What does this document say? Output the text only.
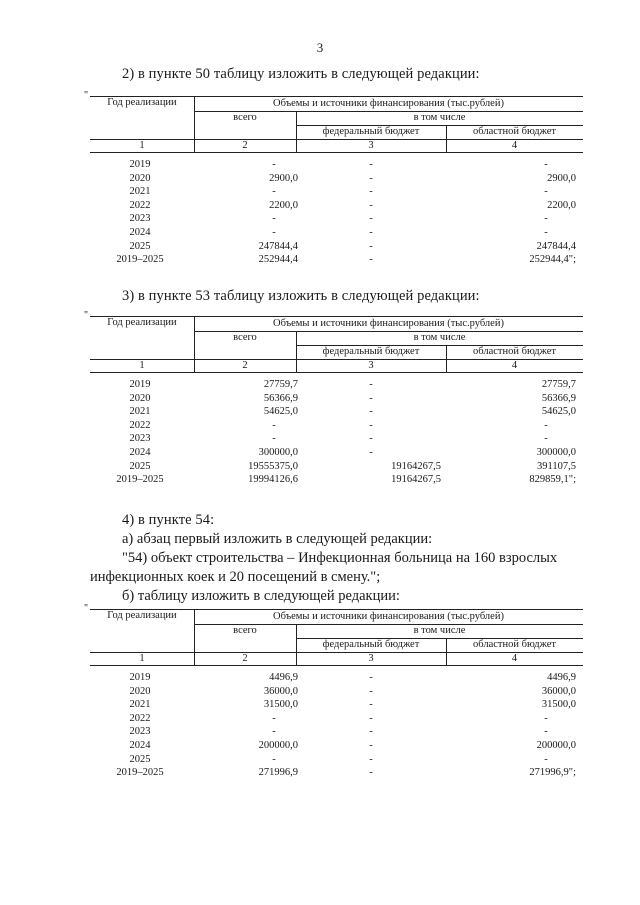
3
2) в пункте 50 таблицу изложить в следующей редакции:
"
Год реализации	Объемы и источники финансирования (тыс.рублей)
всего	в том числе
федеральный бюджет	областной бюджет
1	2	3	4
2019	-	-	-
2020	2900,0	-	2900,0
2021	-	-	-
2022	2200,0	-	2200,0
2023	-	-	-
2024	-	-	-
2025	247844,4	-	247844,4
2019–2025	252944,4	-	252944,4";
3) в пункте 53 таблицу изложить в следующей редакции:
"
Год реализации	Объемы и источники финансирования (тыс.рублей)
всего	в том числе
федеральный бюджет	областной бюджет
1	2	3	4
2019	27759,7	-	27759,7
2020	56366,9	-	56366,9
2021	54625,0	-	54625,0
2022	-	-	-
2023	-	-	-
2024	300000,0	-	300000,0
2025	19555375,0	19164267,5	391107,5
2019–2025	19994126,6	19164267,5	829859,1";
4) в пункте 54:
а) абзац первый изложить в следующей редакции:
"54) объект строительства – Инфекционная больница на 160 взрослых инфекционных коек и 20 посещений в смену.";
б) таблицу изложить в следующей редакции:
"
Год реализации	Объемы и источники финансирования (тыс.рублей)
всего	в том числе
федеральный бюджет	областной бюджет
1	2	3	4
2019	4496,9	-	4496,9
2020	36000,0	-	36000,0
2021	31500,0	-	31500,0
2022	-	-	-
2023	-	-	-
2024	200000,0	-	200000,0
2025	-	-	-
2019–2025	271996,9	-	271996,9";
